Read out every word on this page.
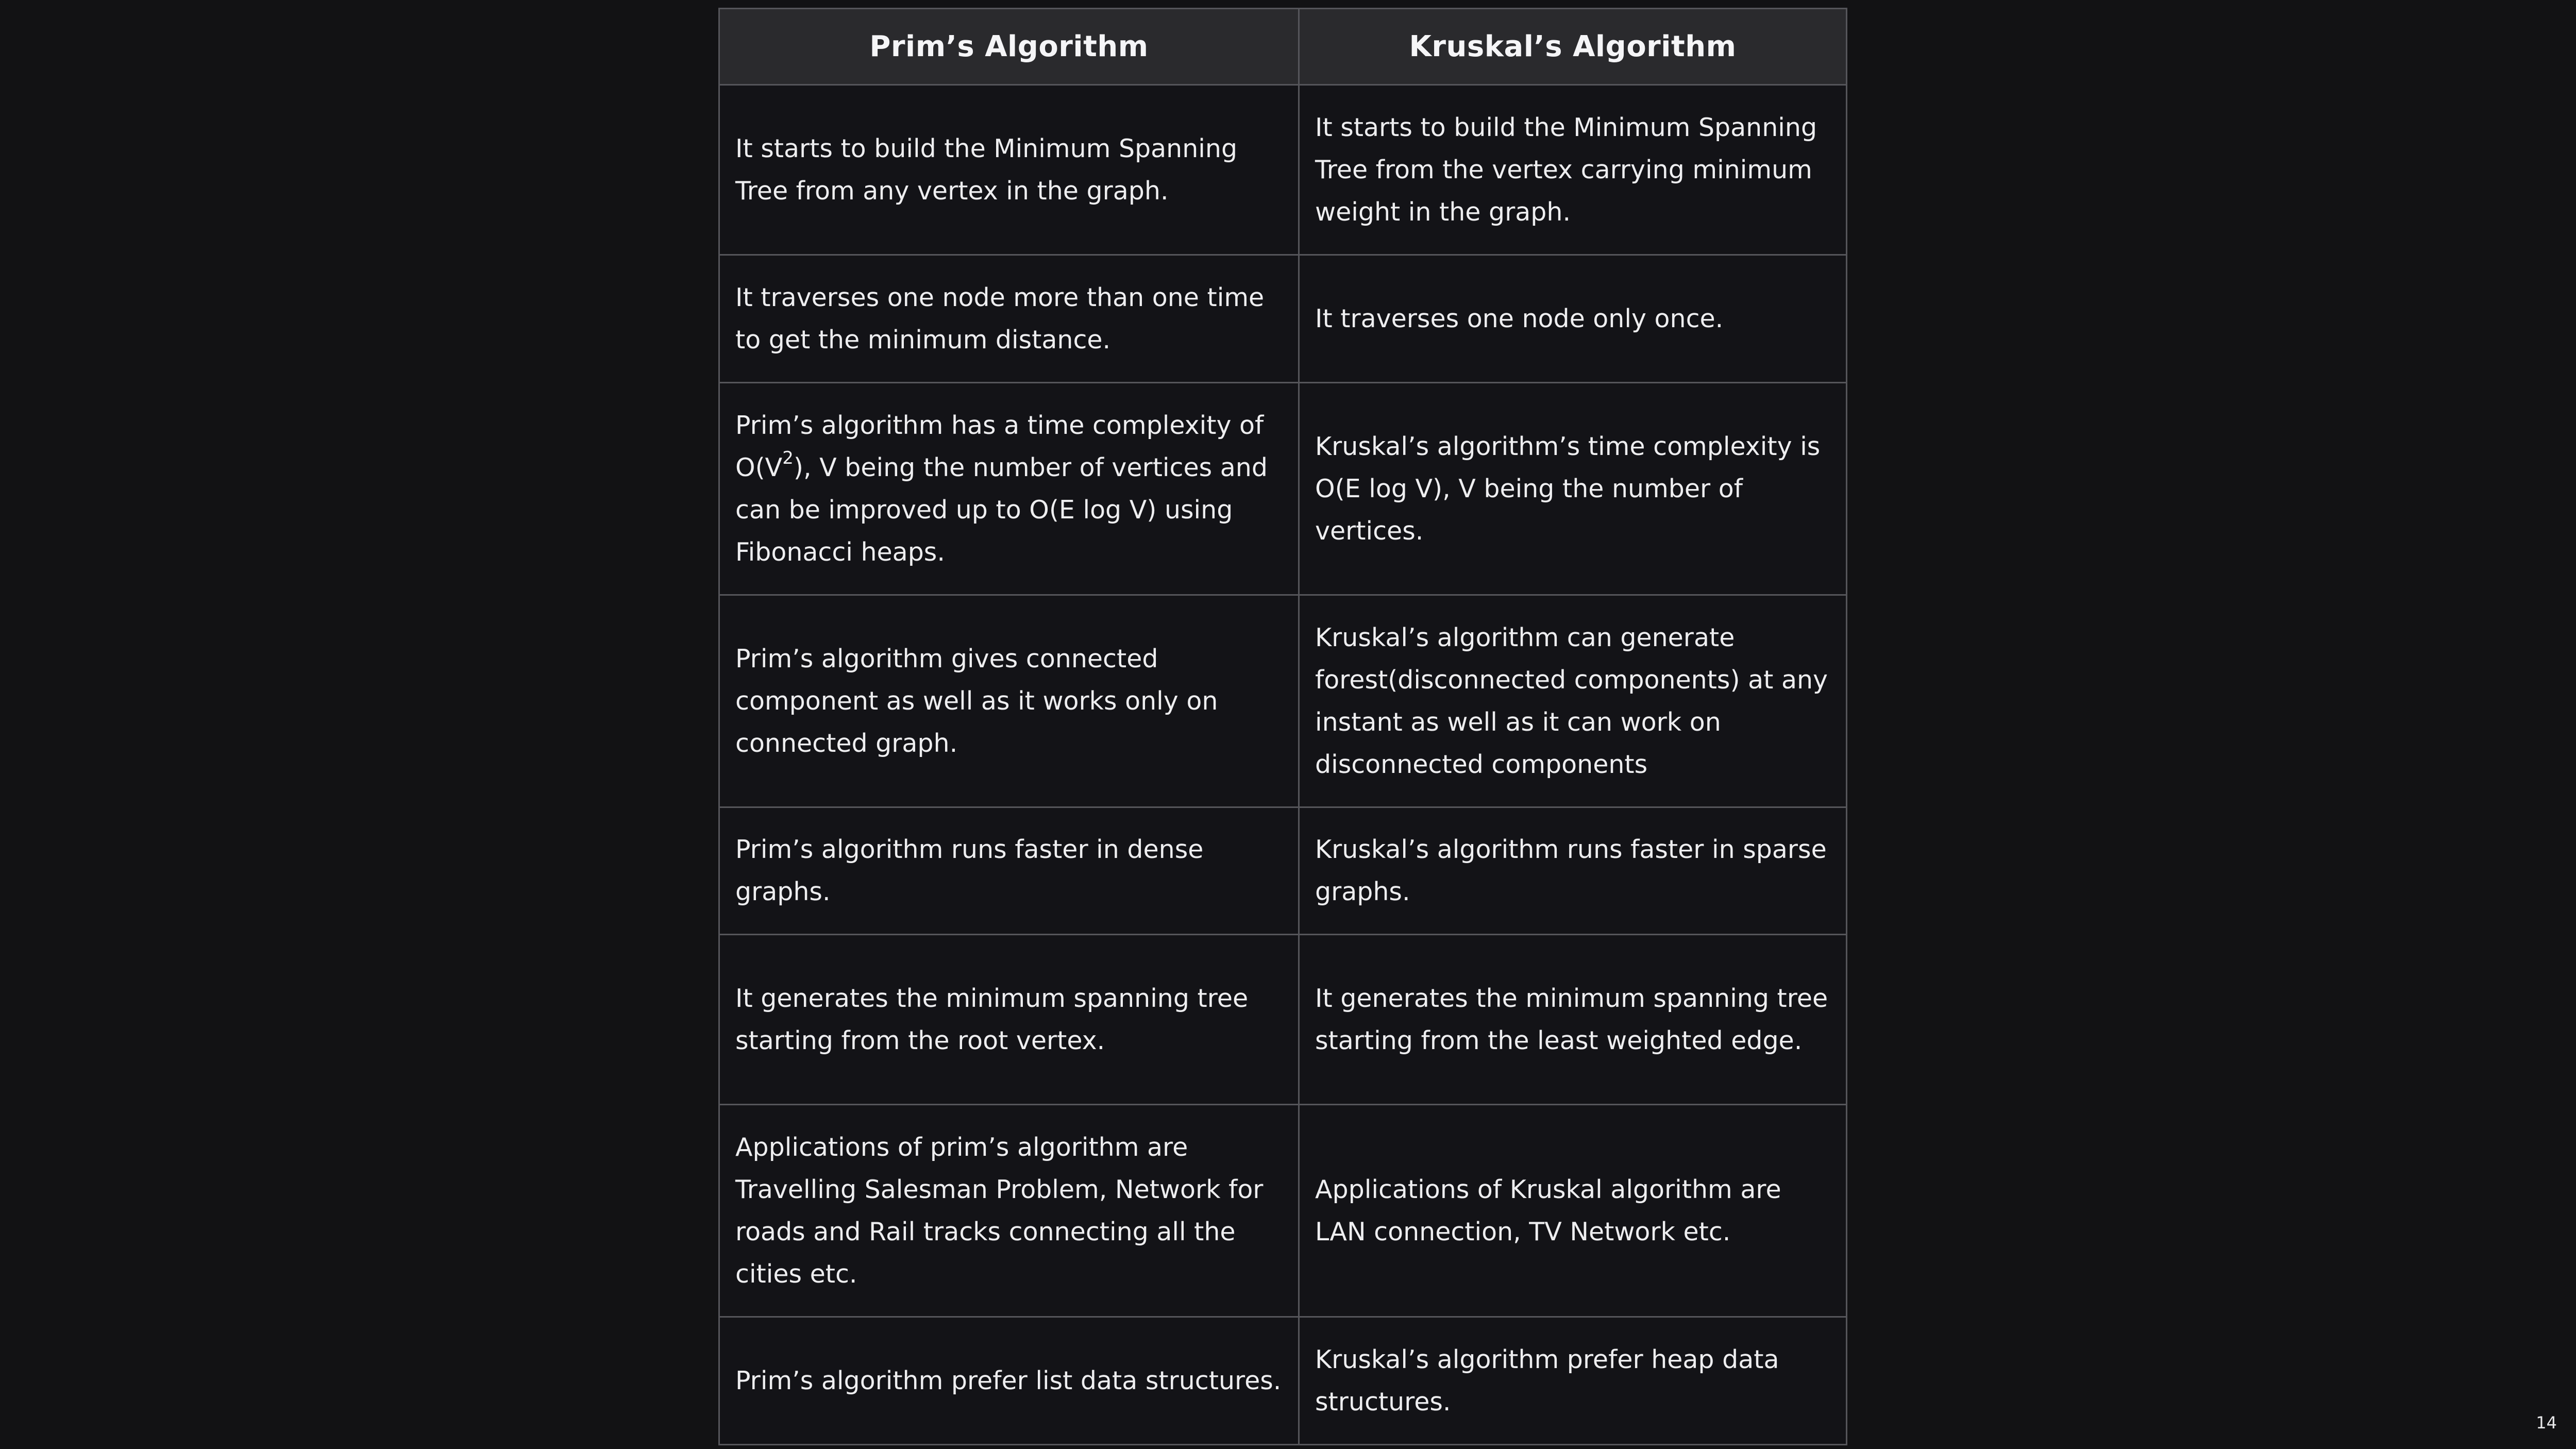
Prim’s Algorithm	Kruskal’s Algorithm
It starts to build the Minimum Spanning Tree from any vertex in the graph.	It starts to build the Minimum Spanning Tree from the vertex carrying minimum weight in the graph.
It traverses one node more than one time to get the minimum distance.	It traverses one node only once.
Prim’s algorithm has a time complexity of $O(V^2)$, V being the number of vertices and can be improved up to O(E log V) using Fibonacci heaps.	Kruskal’s algorithm’s time complexity is O(E log V), V being the number of vertices.
Prim’s algorithm gives connected component as well as it works only on connected graph.	Kruskal’s algorithm can generate forest(disconnected components) at any instant as well as it can work on disconnected components
Prim’s algorithm runs faster in dense graphs.	Kruskal’s algorithm runs faster in sparse graphs.
It generates the minimum spanning tree starting from the root vertex.	It generates the minimum spanning tree starting from the least weighted edge.
Applications of prim’s algorithm are Travelling Salesman Problem, Network for roads and Rail tracks connecting all the cities etc.	Applications of Kruskal algorithm are LAN connection, TV Network etc.
Prim’s algorithm prefer list data structures.	Kruskal’s algorithm prefer heap data structures.
14
